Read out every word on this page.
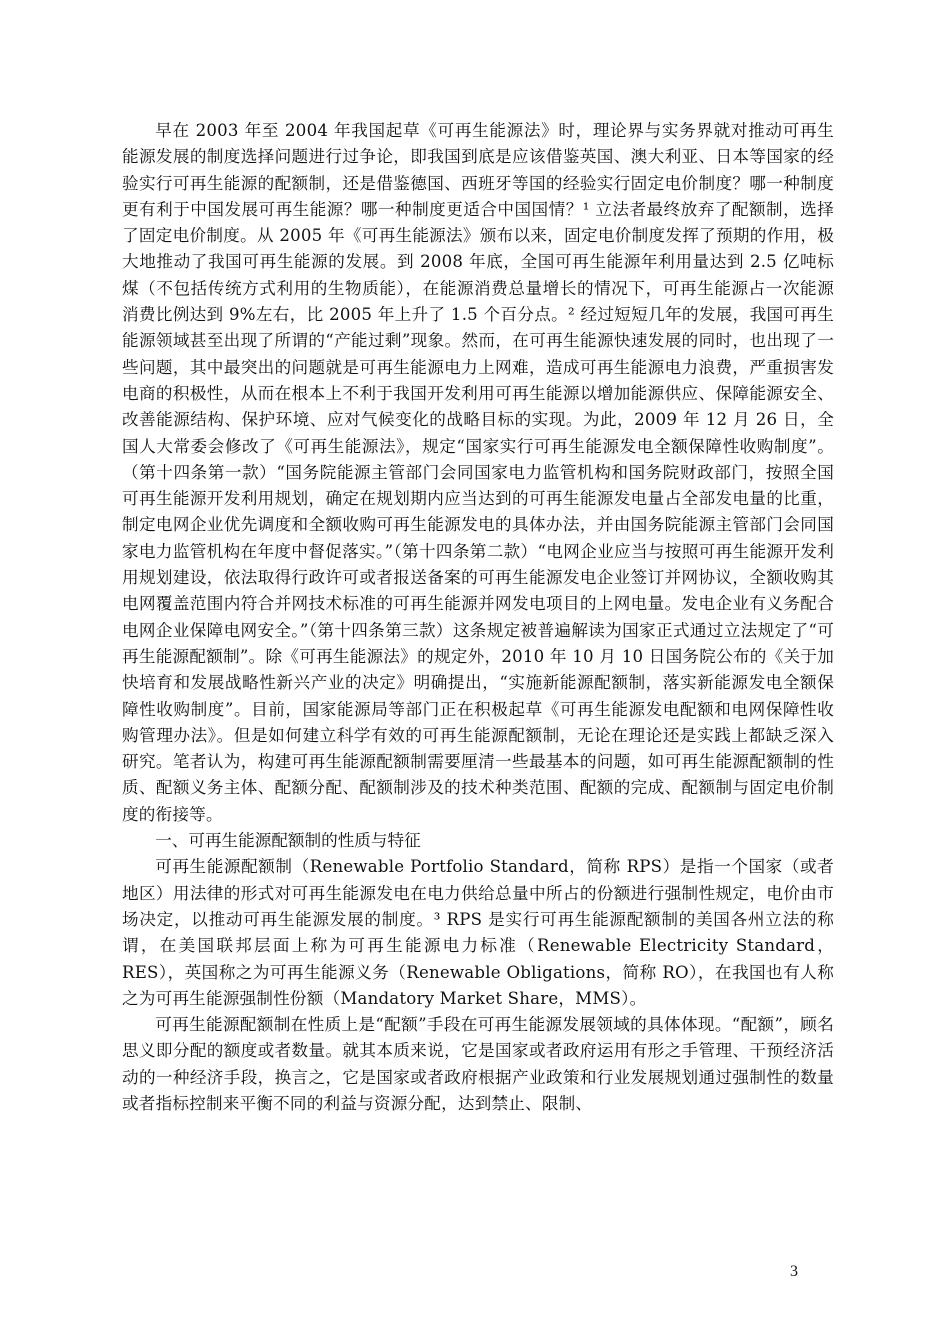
早在 2003 年至 2004 年我国起草《可再生能源法》时，理论界与实务界就对推动可再生能源发展的制度选择问题进行过争论，即我国到底是应该借鉴英国、澳大利亚、日本等国家的经验实行可再生能源的配额制，还是借鉴德国、西班牙等国的经验实行固定电价制度？哪一种制度更有利于中国发展可再生能源？哪一种制度更适合中国国情？¹ 立法者最终放弃了配额制，选择了固定电价制度。从 2005 年《可再生能源法》颁布以来，固定电价制度发挥了预期的作用，极大地推动了我国可再生能源的发展。到 2008 年底，全国可再生能源年利用量达到 2.5 亿吨标煤（不包括传统方式利用的生物质能），在能源消费总量增长的情况下，可再生能源占一次能源消费比例达到 9%左右，比 2005 年上升了 1.5 个百分点。² 经过短短几年的发展，我国可再生能源领域甚至出现了所谓的“产能过剩”现象。然而，在可再生能源快速发展的同时，也出现了一些问题，其中最突出的问题就是可再生能源电力上网难，造成可再生能源电力浪费，严重损害发电商的积极性，从而在根本上不利于我国开发利用可再生能源以增加能源供应、保障能源安全、改善能源结构、保护环境、应对气候变化的战略目标的实现。为此，2009 年 12 月 26 日，全国人大常委会修改了《可再生能源法》，规定“国家实行可再生能源发电全额保障性收购制度”。（第十四条第一款）“国务院能源主管部门会同国家电力监管机构和国务院财政部门，按照全国可再生能源开发利用规划，确定在规划期内应当达到的可再生能源发电量占全部发电量的比重，制定电网企业优先调度和全额收购可再生能源发电的具体办法，并由国务院能源主管部门会同国家电力监管机构在年度中督促落实。”（第十四条第二款）“电网企业应当与按照可再生能源开发利用规划建设，依法取得行政许可或者报送备案的可再生能源发电企业签订并网协议，全额收购其电网覆盖范围内符合并网技术标准的可再生能源并网发电项目的上网电量。发电企业有义务配合电网企业保障电网安全。”（第十四条第三款）这条规定被普遍解读为国家正式通过立法规定了“可再生能源配额制”。除《可再生能源法》的规定外，2010 年 10 月 10 日国务院公布的《关于加快培育和发展战略性新兴产业的决定》明确提出，“实施新能源配额制，落实新能源发电全额保障性收购制度”。目前，国家能源局等部门正在积极起草《可再生能源发电配额和电网保障性收购管理办法》。但是如何建立科学有效的可再生能源配额制，无论在理论还是实践上都缺乏深入研究。笔者认为，构建可再生能源配额制需要厘清一些最基本的问题，如可再生能源配额制的性质、配额义务主体、配额分配、配额制涉及的技术种类范围、配额的完成、配额制与固定电价制度的衔接等。

一、可再生能源配额制的性质与特征

可再生能源配额制（Renewable Portfolio Standard，简称 RPS）是指一个国家（或者地区）用法律的形式对可再生能源发电在电力供给总量中所占的份额进行强制性规定，电价由市场决定，以推动可再生能源发展的制度。³ RPS 是实行可再生能源配额制的美国各州立法的称谓，在美国联邦层面上称为可再生能源电力标准（Renewable Electricity Standard，RES），英国称之为可再生能源义务（Renewable Obligations，简称 RO），在我国也有人称之为可再生能源强制性份额（Mandatory Market Share，MMS）。

可再生能源配额制在性质上是“配额”手段在可再生能源发展领域的具体体现。“配额”，顾名思义即分配的额度或者数量。就其本质来说，它是国家或者政府运用有形之手管理、干预经济活动的一种经济手段，换言之，它是国家或者政府根据产业政策和行业发展规划通过强制性的数量或者指标控制来平衡不同的利益与资源分配，达到禁止、限制、

3
